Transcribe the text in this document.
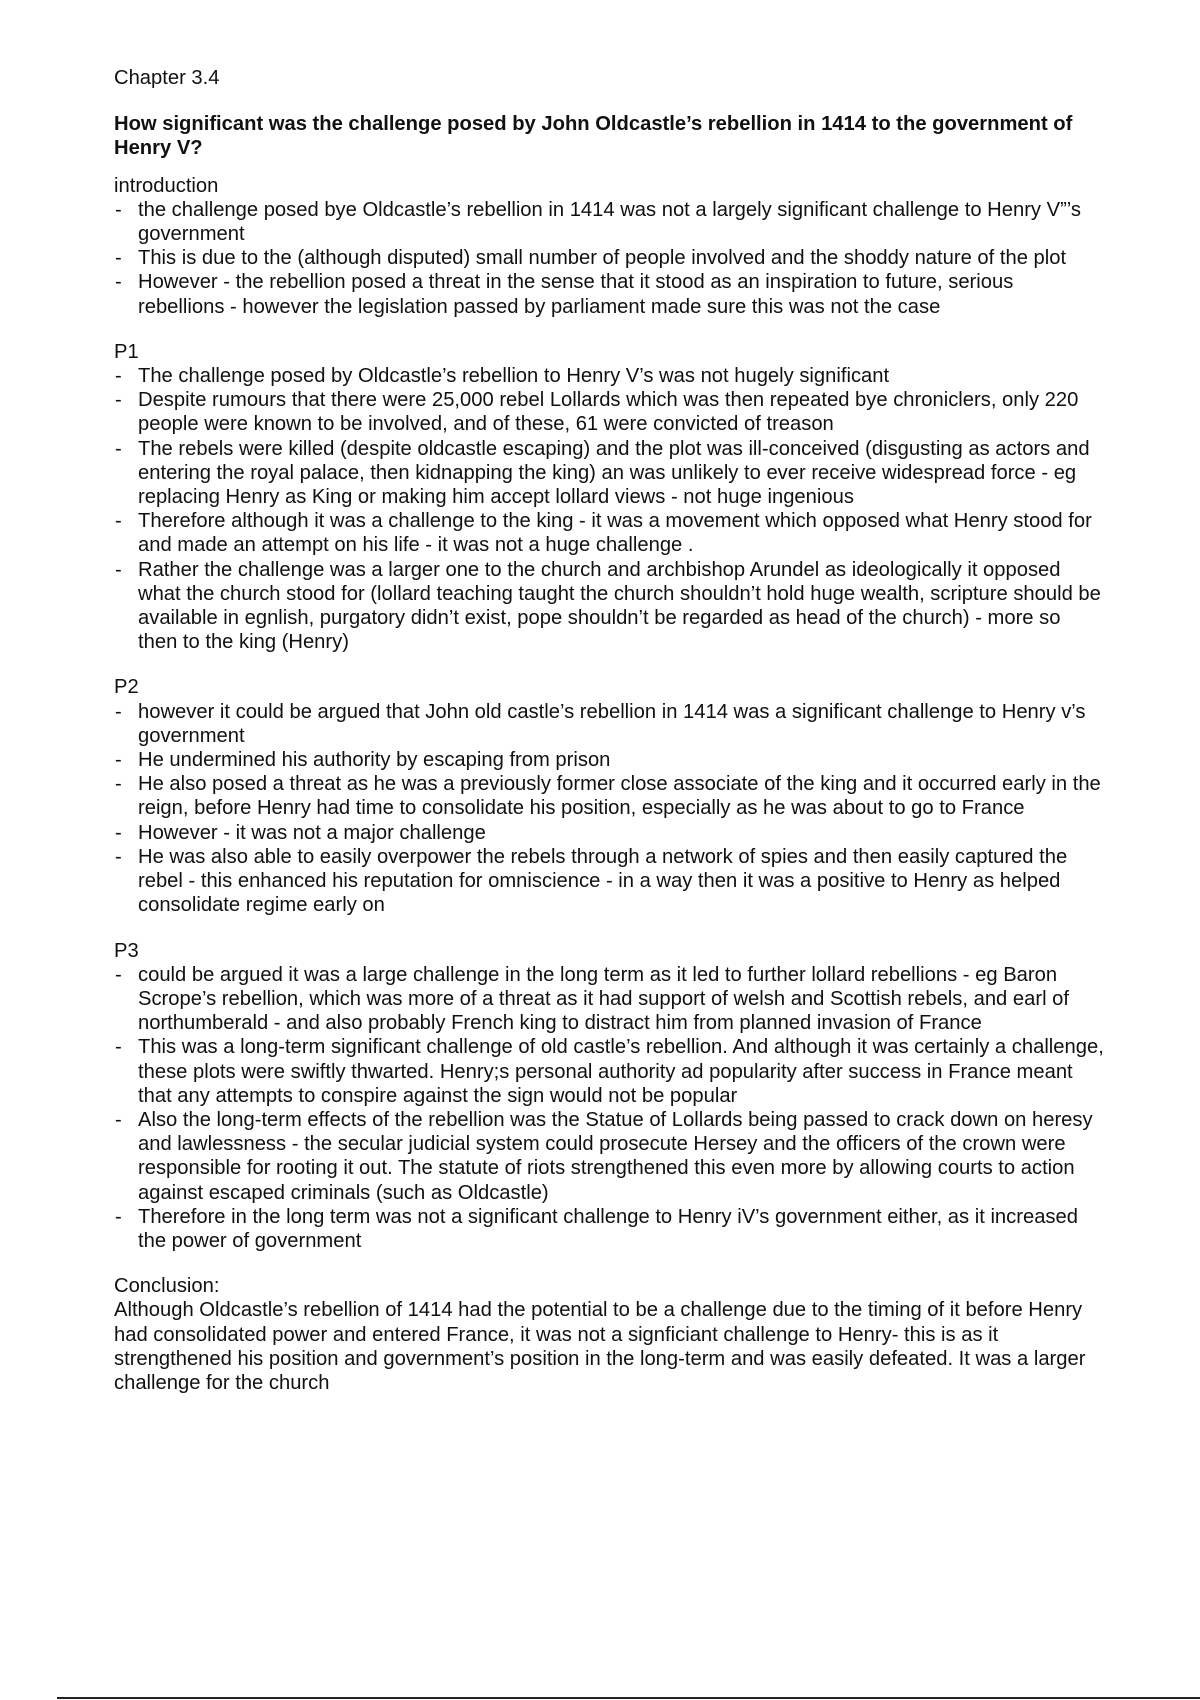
Chapter 3.4

How significant was the challenge posed by John Oldcastle’s rebellion in 1414 to the government of Henry V?

introduction

- the challenge posed bye Oldcastle’s rebellion in 1414 was not a largely significant challenge to Henry V”’s government
- This is due to the (although disputed) small number of people involved and the shoddy nature of the plot
- However - the rebellion posed a threat in the sense that it stood as an inspiration to future, serious rebellions - however the legislation passed by parliament made sure this was not the case

P1

- The challenge posed by Oldcastle’s rebellion to Henry V’s was not hugely significant
- Despite rumours that there were 25,000 rebel Lollards which was then repeated bye chroniclers, only 220 people were known to be involved, and of these, 61 were convicted of treason
- The rebels were killed (despite oldcastle escaping) and the plot was ill-conceived (disgusting as actors and entering the royal palace, then kidnapping the king) an was unlikely to ever receive widespread force - eg replacing Henry as King or making him accept lollard views - not huge ingenious
- Therefore although it was a challenge to the king - it was a movement which opposed what Henry stood for and made an attempt on his life - it was not a huge challenge .
- Rather the challenge was a larger one to the church and archbishop Arundel as ideologically it opposed what the church stood for (lollard teaching taught the church shouldn’t hold huge wealth, scripture should be available in egnlish, purgatory didn’t exist, pope shouldn’t be regarded as head of the church) - more so then to the king (Henry)

P2

- however it could be argued that John old castle’s rebellion in 1414 was a significant challenge to Henry v’s government
- He undermined his authority by escaping from prison
- He also posed a threat as he was a previously former close associate of the king and it occurred early in the reign, before Henry had time to consolidate his position, especially as he was about to go to France
- However - it was not a major challenge
- He was also able to easily overpower the rebels through a network of spies and then easily captured the rebel - this enhanced his reputation for omniscience - in a way then it was a positive to Henry as helped consolidate regime early on

P3

- could be argued it was a large challenge in the long term as it led to further lollard rebellions - eg Baron Scrope’s rebellion, which was more of a threat as it had support of welsh and Scottish rebels, and earl of northumberald - and also probably French king to distract him from planned invasion of France
- This was a long-term significant challenge of old castle’s rebellion. And although it was certainly a challenge, these plots were swiftly thwarted. Henry;s personal authority ad popularity after success in France meant that any attempts to conspire against the sign would not be popular
- Also the long-term effects of the rebellion was the Statue of Lollards being passed to crack down on heresy and lawlessness - the secular judicial system could prosecute Hersey and the officers of the crown were responsible for rooting it out. The statute of riots strengthened this even more by allowing courts to action against escaped criminals (such as Oldcastle)
- Therefore in the long term was not a significant challenge to Henry iV’s government either, as it increased the power of government

Conclusion:

Although Oldcastle’s rebellion of 1414 had the potential to be a challenge due to the timing of it before Henry had consolidated power and entered France, it was not a signficiant challenge to Henry- this is as it strengthened his position and government’s position in the long-term and was easily defeated. It was a larger challenge for the church
